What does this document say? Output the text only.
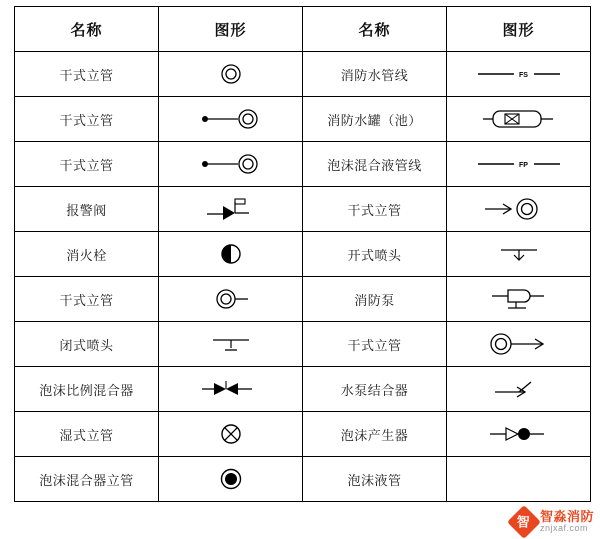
名称	图形	名称	图形
干式立管		消防水管线	FS

干式立管		消防水罐（池）	

干式立管		泡沫混合液管线	FP

报警阀		干式立管	

消火栓		开式喷头	

干式立管		消防泵	

闭式喷头		干式立管	

泡沫比例混合器		水泵结合器	

湿式立管		泡沫产生器	

泡沫混合器立管		泡沫液管	
智 智淼消防
znjxaf.com
